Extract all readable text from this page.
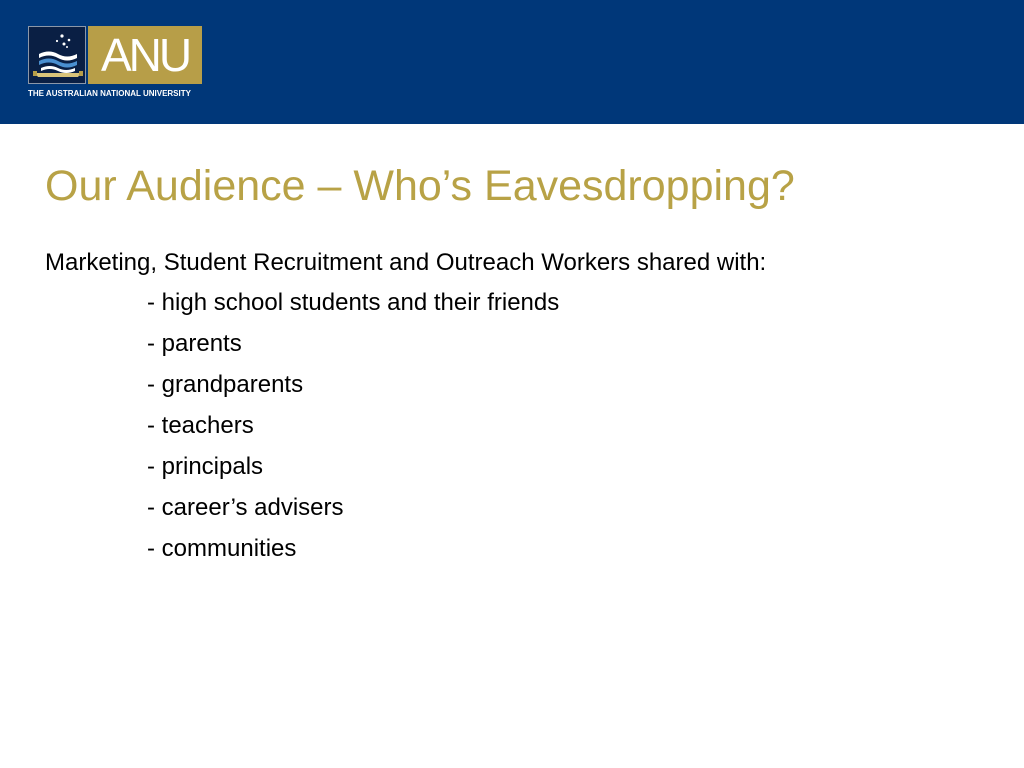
ANU
THE AUSTRALIAN NATIONAL UNIVERSITY
Our Audience – Who’s Eavesdropping?
Marketing, Student Recruitment and Outreach Workers shared with:
- high school students and their friends
- parents
- grandparents
- teachers
- principals
- career’s advisers
- communities
